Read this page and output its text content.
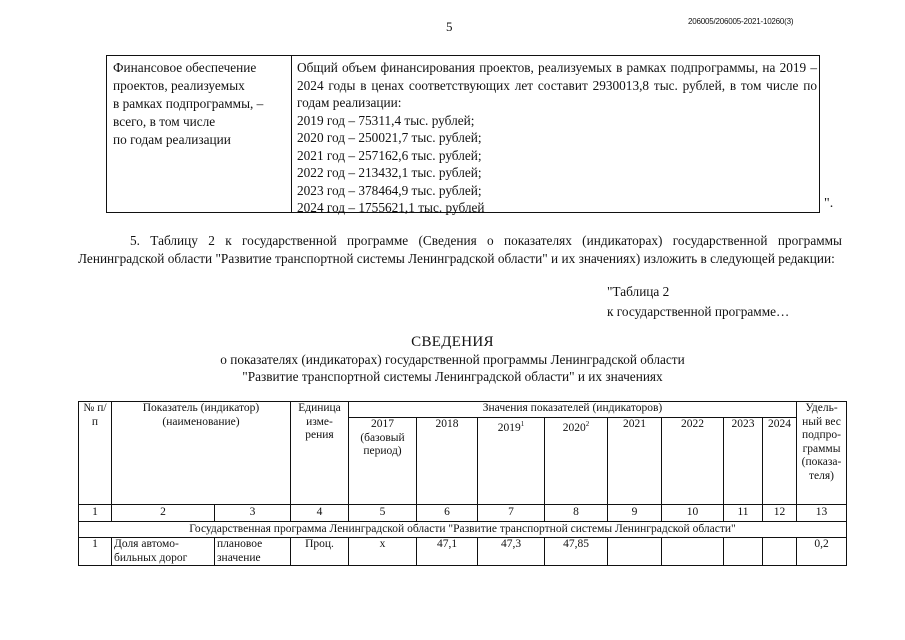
5	206005/206005-2021-10260(3)
Финансовое обеспечение
проектов, реализуемых
в рамках подпрограммы, –
всего, в том числе
по годам реализации

Общий объем финансирования проектов, реализуемых в рамках подпрограммы, на 2019 – 2024 годы в ценах соответствующих лет составит 2930013,8 тыс. рублей, в том числе по годам реализации:

2019 год – 75311,4 тыс. рублей;
2020 год – 250021,7 тыс. рублей;
2021 год – 257162,6 тыс. рублей;
2022 год – 213432,1 тыс. рублей;
2023 год – 378464,9 тыс. рублей;
2024 год – 1755621,1 тыс. рублей	".

5. Таблицу 2 к государственной программе (Сведения о показателях (индикаторах) государственной программы Ленинградской области "Развитие транспортной системы Ленинградской области" и их значениях) изложить в следующей редакции:

"Таблица 2
к государственной программе…
СВЕДЕНИЯ
о показателях (индикаторах) государственной программы Ленинградской области
"Развитие транспортной системы Ленинградской области" и их значениях
№ п/п	Показатель (индикатор) (наименование)		Единица изме- рения	Значения показателей (индикаторов)								Удель- ный вес подпро- граммы (показа- теля)
				2017 (базовый период)	2018	2019$^1$	2020$^2$	2021	2022	2023	2024	
1	2	3	4	5	6	7	8	9	10	11	12	13
Государственная программа Ленинградской области "Развитие транспортной системы Ленинградской области"												
1	Доля автомо- бильных дорог	плановое значение	Проц.	х	47,1	47,3	47,85					0,2
